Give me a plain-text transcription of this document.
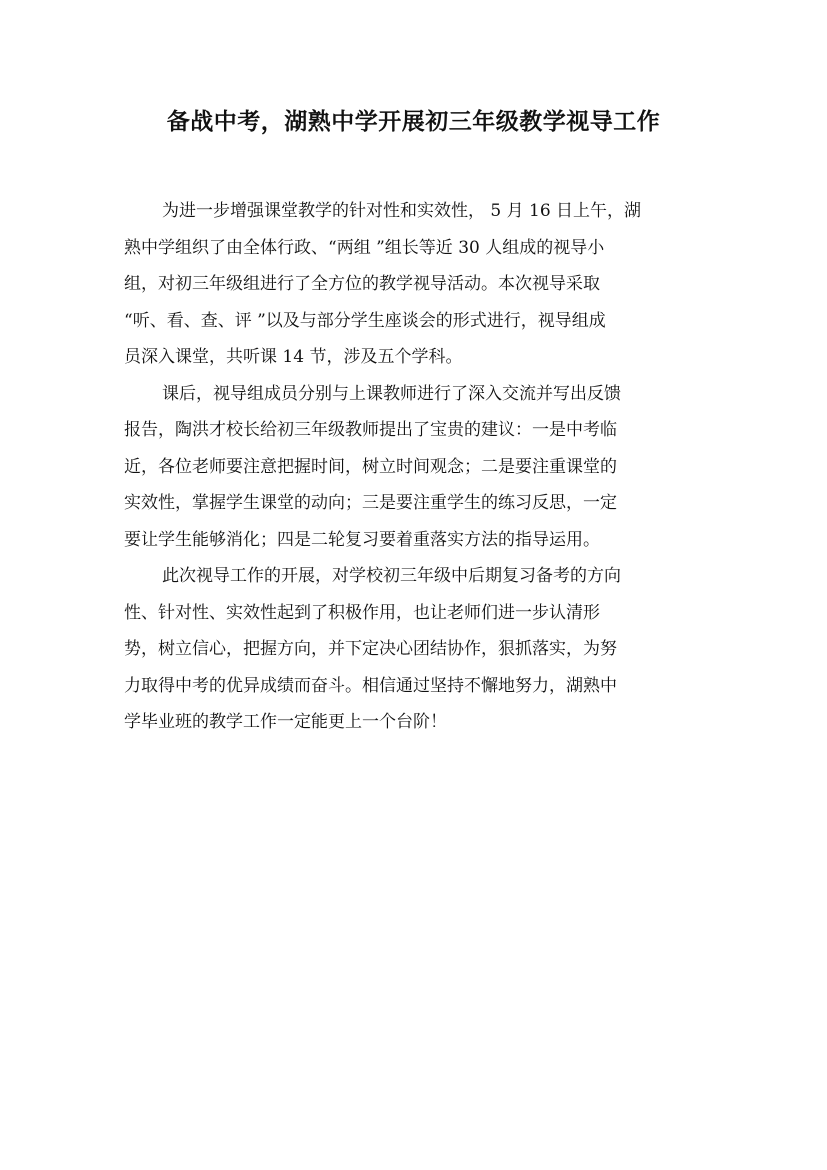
备战中考，湖熟中学开展初三年级教学视导工作

为进一步增强课堂教学的针对性和实效性， 5 月 16 日上午，湖
熟中学组织了由全体行政、“两组 ”组长等近 30 人组成的视导小
组，对初三年级组进行了全方位的教学视导活动。本次视导采取
“听、看、查、评 ”以及与部分学生座谈会的形式进行，视导组成
员深入课堂，共听课 14 节，涉及五个学科。

课后，视导组成员分别与上课教师进行了深入交流并写出反馈
报告，陶洪才校长给初三年级教师提出了宝贵的建议：一是中考临
近，各位老师要注意把握时间，树立时间观念；二是要注重课堂的
实效性，掌握学生课堂的动向；三是要注重学生的练习反思，一定
要让学生能够消化；四是二轮复习要着重落实方法的指导运用。

此次视导工作的开展，对学校初三年级中后期复习备考的方向
性、针对性、实效性起到了积极作用，也让老师们进一步认清形
势，树立信心，把握方向，并下定决心团结协作，狠抓落实，为努
力取得中考的优异成绩而奋斗。相信通过坚持不懈地努力，湖熟中
学毕业班的教学工作一定能更上一个台阶！
